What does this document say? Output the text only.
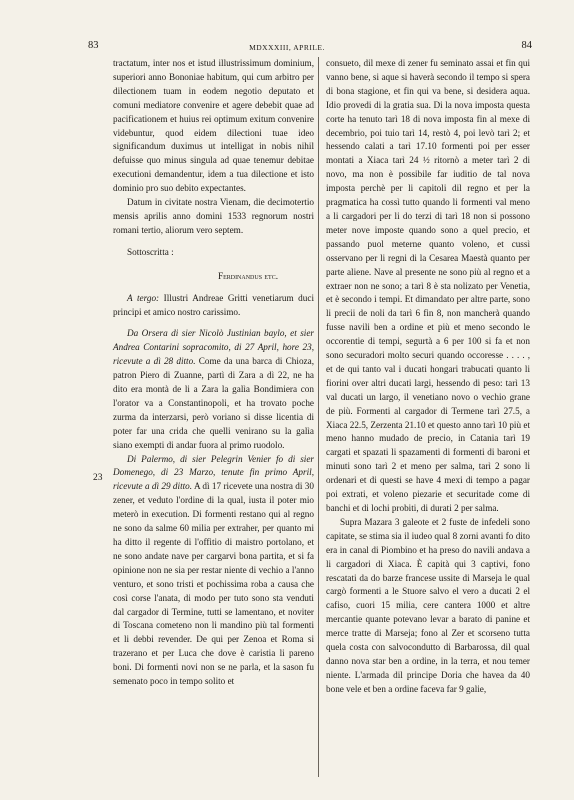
83	MDXXXIII, APRILE.	84
23

tractatum, inter nos et istud illustrissimum dominium, superiori anno Bononiae habitum, qui cum arbitro per dilectionem tuam in eodem negotio deputato et comuni mediatore convenire et agere debebit quae ad pacificationem et huius rei optimum exitum convenire videbuntur, quod eidem dilectioni tuae ideo significandum duximus ut intelligat in nobis nihil defuisse quo minus singula ad quae tenemur debitae executioni demandentur, idem a tua dilectione et isto dominio pro suo debito expectantes.

Datum in civitate nostra Vienam, die decimotertio mensis aprilis anno domini 1533 regnorum nostri romani tertio, aliorum vero septem.

Sottoscritta :

Ferdinandus etc.

A tergo: Illustri Andreae Gritti venetiarum duci principi et amico nostro carissimo.

Da Orsera di sier Nicolò Justinian baylo, et sier Andrea Contarini sopracomito, di 27 April, hore 23, ricevute a dì 28 ditto. Come da una barca di Chioza, patron Piero di Zuanne, partì di Zara a dì 22, ne ha dito era montà de li a Zara la galìa Bondimiera con l'orator va a Constantinopoli, et ha trovato poche zurma da interzarsi, però voriano si disse licentia di poter far una crida che quelli venirano su la galìa siano exempti di andar fuora al primo ruodolo.

Di Palermo, di sier Pelegrin Venier fo di sier Domenego, di 23 Marzo, tenute fin primo April, ricevute a dì 29 ditto. A dì 17 ricevete una nostra di 30 zener, et veduto l'ordine di la qual, iusta il poter mio meterò in execution. Di formenti restano qui al regno ne sono da salme 60 milia per extraher, per quanto mi ha ditto il regente di l'offitio di maistro portolano, et ne sono andate nave per cargarvi bona partita, et si fa opinione non ne sia per restar niente di vechio a l'anno venturo, et sono tristi et pochissima roba a causa che così corse l'anata, di modo per tuto sono sta venduti dal cargador di Termine, tutti se lamentano, et noviter di Toscana cometeno non li mandino più tal formenti et li debbi revender. De qui per Zenoa et Roma si trazerano et per Luca che dove è caristia li pareno boni. Di formenti novi non se ne parla, et la sason fu semenato poco in tempo solito et

consueto, dil mexe di zener fu seminato assai et fin qui vanno bene, si aque si haverà secondo il tempo si spera di bona stagione, et fin qui va bene, si desidera aqua. Idio provedi di la gratia sua. Di la nova imposta questa corte ha tenuto tarì 18 di nova imposta fin al mexe di decembrio, poi tuio tarì 14, restò 4, poi levò tarì 2; et hessendo calati a tarì 17.10 formenti poi per esser montati a Xiaca tarì 24 ½ ritornò a meter tarì 2 di novo, ma non è possibile far iuditio de tal nova imposta perchè per li capitoli dil regno et per la pragmatica ha cossì tutto quando li formenti val meno a li cargadori per li do terzi di tarì 18 non si possono meter nove imposte quando sono a quel precio, et passando puol meterne quanto voleno, et cussì osservano per li regni di la Cesarea Maestà quanto per parte aliene. Nave al presente ne sono più al regno et a extraer non ne sono; a tarì 8 è sta nolizato per Venetia, et è secondo i tempi. Et dimandato per altre parte, sono li precii de noli da tarì 6 fin 8, non mancherà quando fusse navili ben a ordine et più et meno secondo le occorentie di tempi, segurtà a 6 per 100 si fa et non sono securadori molto securi quando occoresse . . . . , et de qui tanto val i ducati hongari trabucati quanto li fiorini over altri ducati largi, hessendo di peso: tarì 13 val ducati un largo, il venetiano novo o vechio grane de più. Formenti al cargador di Termene tarì 27.5, a Xiaca 22.5, Zerzenta 21.10 et questo anno tarì 10 più et meno hanno mudado de precio, in Catania tarì 19 cargati et spazati li spazamenti di formenti di baroni et minuti sono tarì 2 et meno per salma, tarì 2 sono li ordenari et di questi se have 4 mexi di tempo a pagar poi extrati, et voleno piezarie et securitade come di banchi et di lochi probiti, di durati 2 per salma.

Supra Mazara 3 galeote et 2 fuste de infedeli sono capitate, se stima sia il iudeo qual 8 zorni avanti fo dito era in canal di Piombino et ha preso do navili andava a li cargadori di Xiaca. È capità qui 3 captivi, fono rescatati da do barze francese ussite di Marseja le qual cargò formenti a le Stuore salvo el vero a ducati 2 el cafiso, cuori 15 milia, cere cantera 1000 et altre mercantie quante potevano levar a barato di panine et merce tratte di Marseja; fono al Zer et scorseno tutta quela costa con salvocondutto di Barbarossa, dil qual danno nova star ben a ordine, in la terra, et nou temer niente. L'armada dil principe Doria che havea da 40 bone vele et ben a ordine faceva far 9 galie,
